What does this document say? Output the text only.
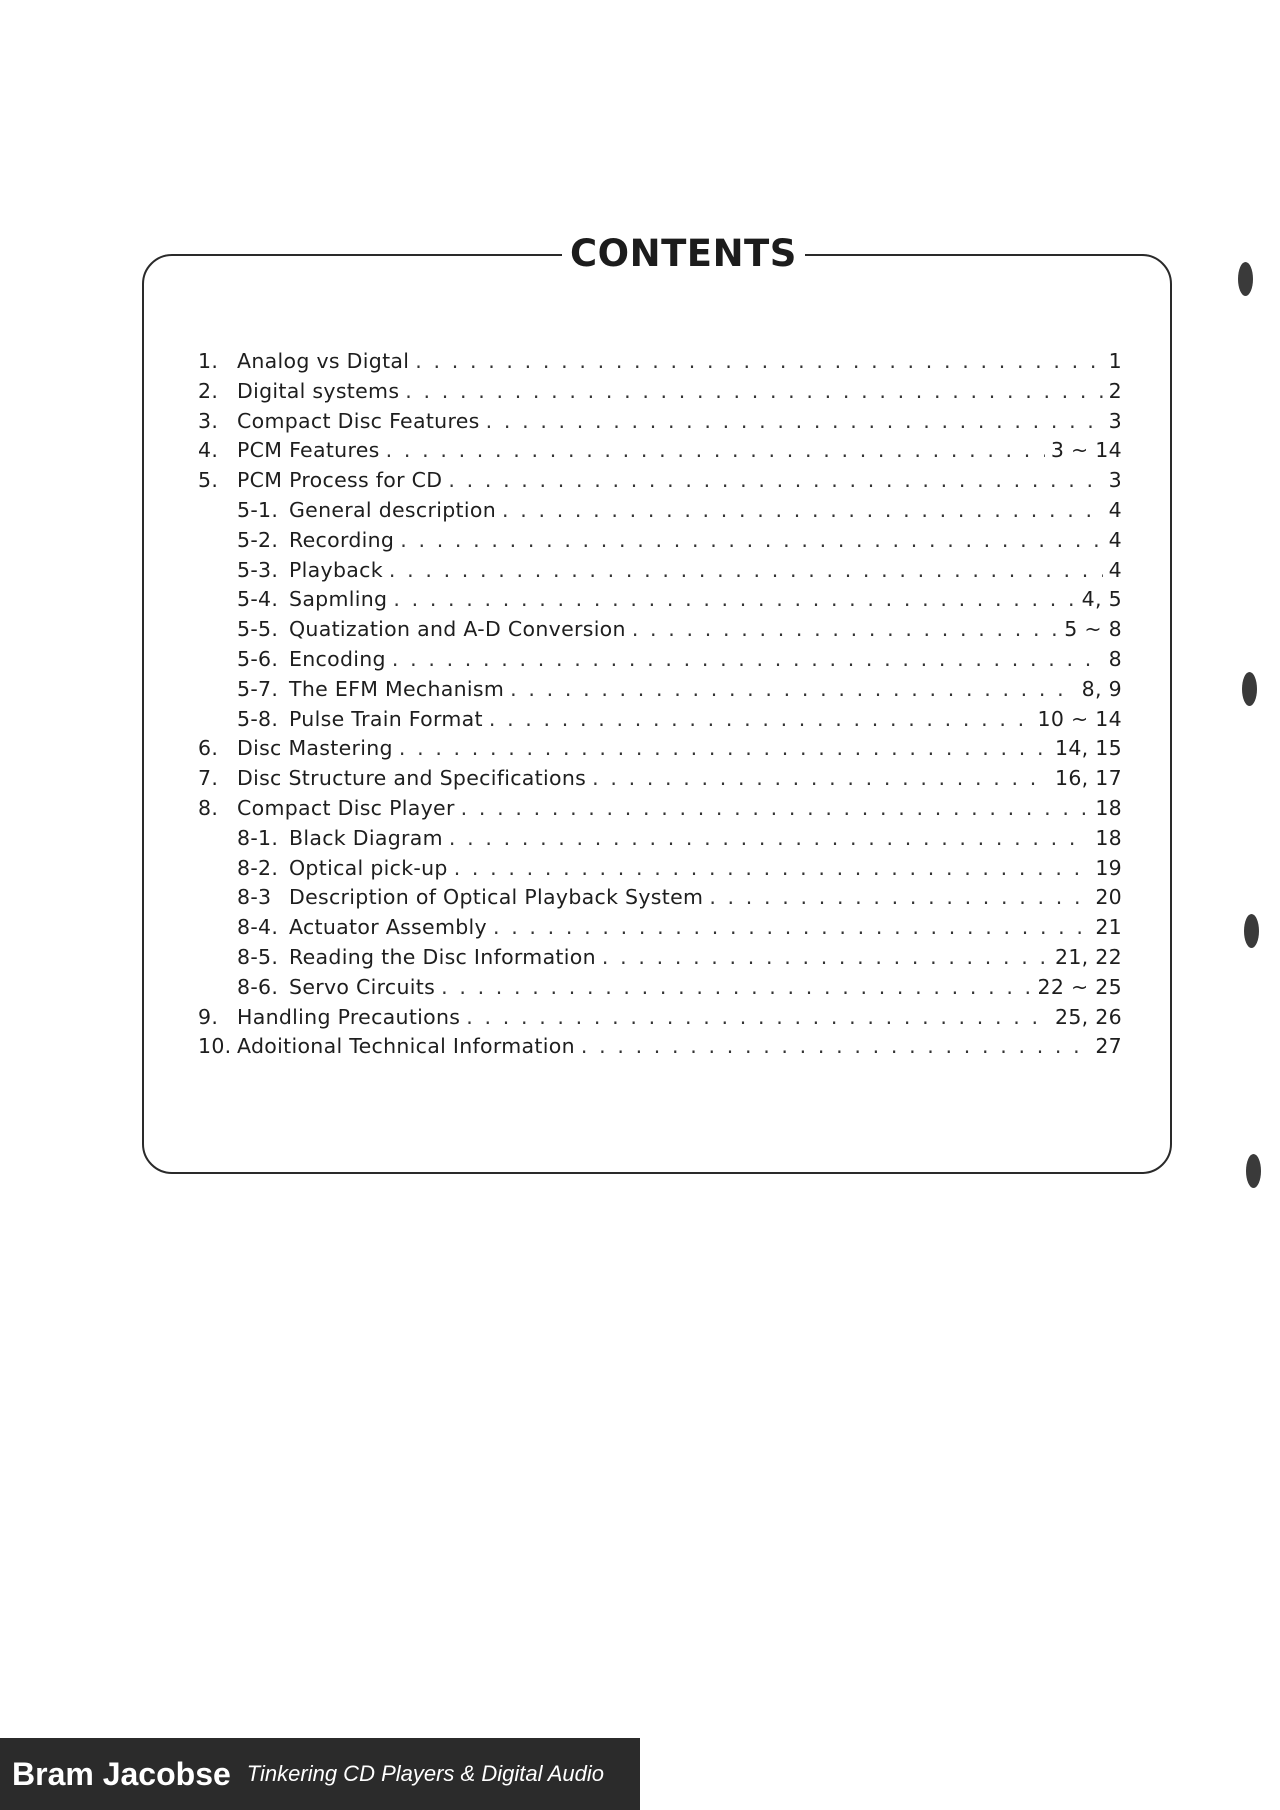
CONTENTS
1. Analog vs Digtal . . .	1
2. Digital systems . . .	2
3. Compact Disc Features . . .	3
4. PCM Features . . .	3 ~ 14
5. PCM Process for CD . . .	3
5-1. General description . . .	4
5-2. Recording . . .	4
5-3. Playback . . .	4
5-4. Sapmling . . .	4, 5
5-5. Quatization and A-D Conversion . . .	5 ~ 8
5-6. Encoding . . .	8
5-7. The EFM Mechanism . . .	8, 9
5-8. Pulse Train Format . . .	10 ~ 14
6. Disc Mastering . . .	14, 15
7. Disc Structure and Specifications . . .	16, 17
8. Compact Disc Player . . .	18
8-1. Black Diagram . . .	18
8-2. Optical pick-up . . .	19
8-3 Description of Optical Playback System . . .	20
8-4. Actuator Assembly . . .	21
8-5. Reading the Disc Information . . .	21, 22
8-6. Servo Circuits . . .	22 ~ 25
9. Handling Precautions . . .	25, 26
10. Adoitional Technical Information . . .	27
Bram Jacobse Tinkering CD Players & Digital Audio
